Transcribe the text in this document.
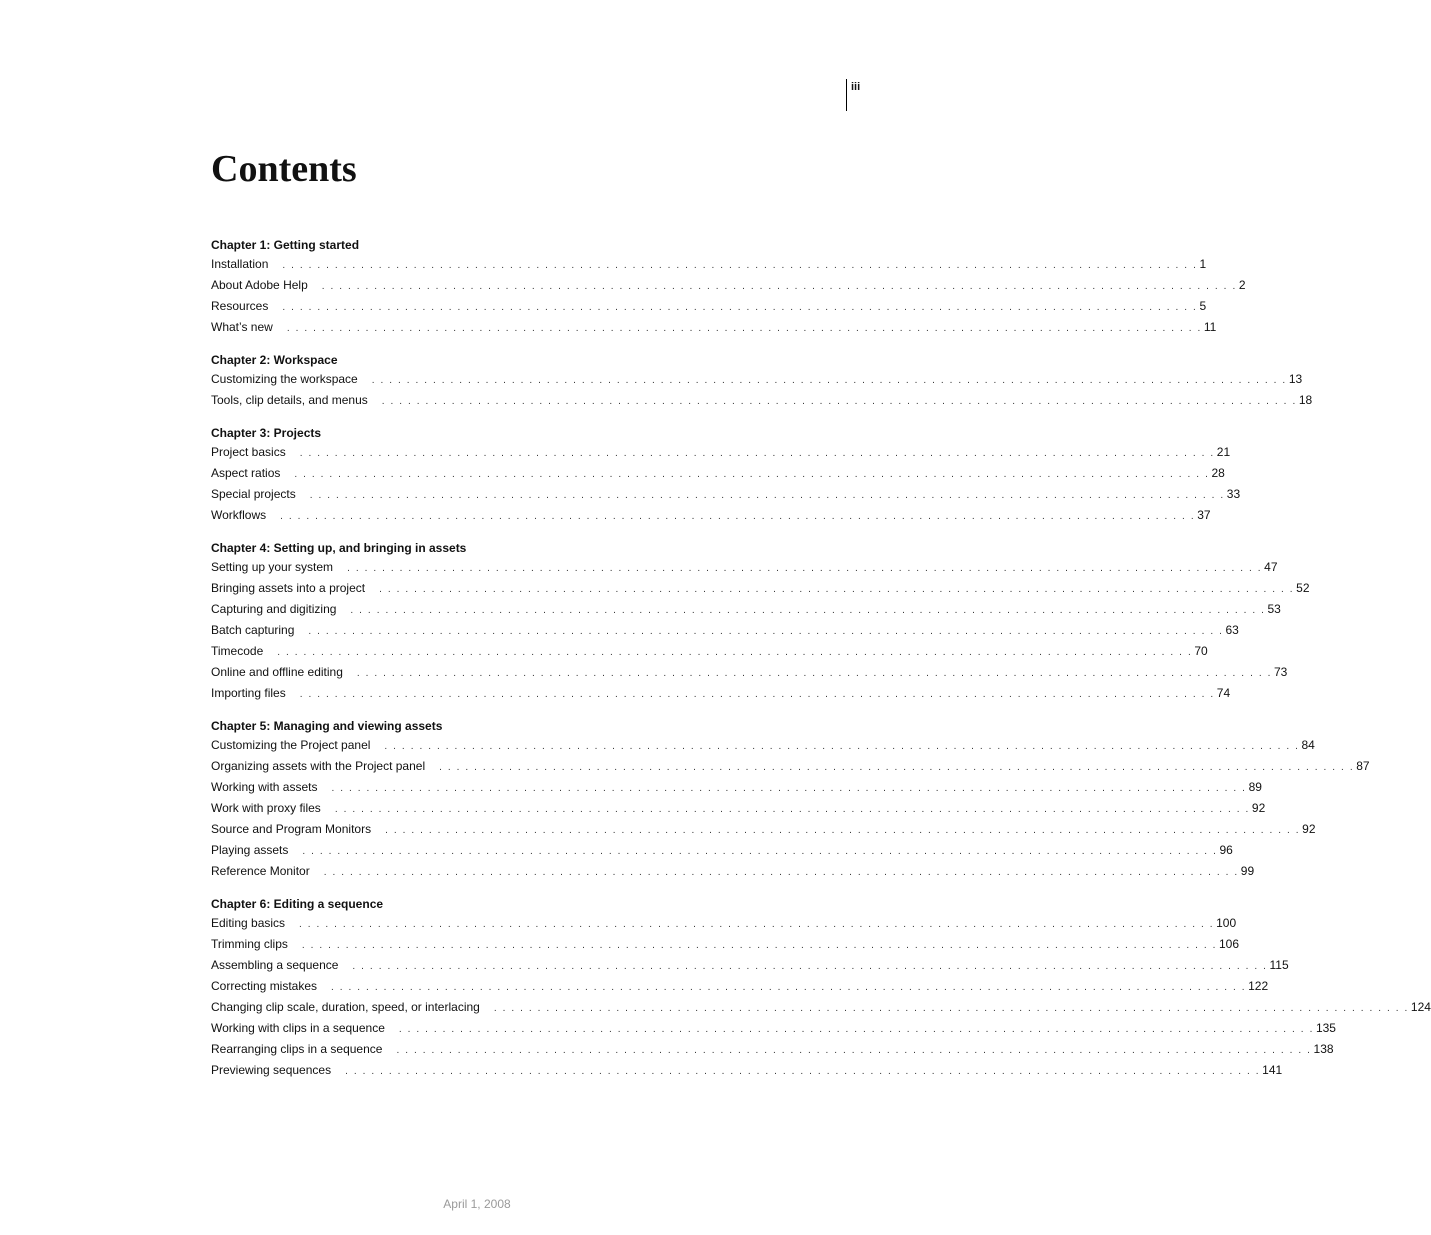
iii
Contents
Chapter 1: Getting started
Installation	. . . . . . . . . . . . . . . . . . . . . . . . . . . . . . . . . . . . . . . . . . . . . . . . . . . . . . . . . . . . . . . . . . . . . . . . . . . . . . . . . . . . . . . . . . . . . . . . . . . . . . . . . 1
About Adobe Help	. . . . . . . . . . . . . . . . . . . . . . . . . . . . . . . . . . . . . . . . . . . . . . . . . . . . . . . . . . . . . . . . . . . . . . . . . . . . . . . . . . . . . . . . . . . . . . . . . . . . . . . . . 2
Resources	. . . . . . . . . . . . . . . . . . . . . . . . . . . . . . . . . . . . . . . . . . . . . . . . . . . . . . . . . . . . . . . . . . . . . . . . . . . . . . . . . . . . . . . . . . . . . . . . . . . . . . . . . 5
What’s new	. . . . . . . . . . . . . . . . . . . . . . . . . . . . . . . . . . . . . . . . . . . . . . . . . . . . . . . . . . . . . . . . . . . . . . . . . . . . . . . . . . . . . . . . . . . . . . . . . . . . . . . . . 11
Chapter 2: Workspace
Customizing the workspace	. . . . . . . . . . . . . . . . . . . . . . . . . . . . . . . . . . . . . . . . . . . . . . . . . . . . . . . . . . . . . . . . . . . . . . . . . . . . . . . . . . . . . . . . . . . . . . . . . . . . . . . . . 13
Tools, clip details, and menus	. . . . . . . . . . . . . . . . . . . . . . . . . . . . . . . . . . . . . . . . . . . . . . . . . . . . . . . . . . . . . . . . . . . . . . . . . . . . . . . . . . . . . . . . . . . . . . . . . . . . . . . . . 18
Chapter 3: Projects
Project basics	. . . . . . . . . . . . . . . . . . . . . . . . . . . . . . . . . . . . . . . . . . . . . . . . . . . . . . . . . . . . . . . . . . . . . . . . . . . . . . . . . . . . . . . . . . . . . . . . . . . . . . . . . 21
Aspect ratios	. . . . . . . . . . . . . . . . . . . . . . . . . . . . . . . . . . . . . . . . . . . . . . . . . . . . . . . . . . . . . . . . . . . . . . . . . . . . . . . . . . . . . . . . . . . . . . . . . . . . . . . . . 28
Special projects	. . . . . . . . . . . . . . . . . . . . . . . . . . . . . . . . . . . . . . . . . . . . . . . . . . . . . . . . . . . . . . . . . . . . . . . . . . . . . . . . . . . . . . . . . . . . . . . . . . . . . . . . . 33
Workflows	. . . . . . . . . . . . . . . . . . . . . . . . . . . . . . . . . . . . . . . . . . . . . . . . . . . . . . . . . . . . . . . . . . . . . . . . . . . . . . . . . . . . . . . . . . . . . . . . . . . . . . . . . 37
Chapter 4: Setting up, and bringing in assets
Setting up your system	. . . . . . . . . . . . . . . . . . . . . . . . . . . . . . . . . . . . . . . . . . . . . . . . . . . . . . . . . . . . . . . . . . . . . . . . . . . . . . . . . . . . . . . . . . . . . . . . . . . . . . . . . 47
Bringing assets into a project	. . . . . . . . . . . . . . . . . . . . . . . . . . . . . . . . . . . . . . . . . . . . . . . . . . . . . . . . . . . . . . . . . . . . . . . . . . . . . . . . . . . . . . . . . . . . . . . . . . . . . . . . . 52
Capturing and digitizing	. . . . . . . . . . . . . . . . . . . . . . . . . . . . . . . . . . . . . . . . . . . . . . . . . . . . . . . . . . . . . . . . . . . . . . . . . . . . . . . . . . . . . . . . . . . . . . . . . . . . . . . . . 53
Batch capturing	. . . . . . . . . . . . . . . . . . . . . . . . . . . . . . . . . . . . . . . . . . . . . . . . . . . . . . . . . . . . . . . . . . . . . . . . . . . . . . . . . . . . . . . . . . . . . . . . . . . . . . . . . 63
Timecode	. . . . . . . . . . . . . . . . . . . . . . . . . . . . . . . . . . . . . . . . . . . . . . . . . . . . . . . . . . . . . . . . . . . . . . . . . . . . . . . . . . . . . . . . . . . . . . . . . . . . . . . . . 70
Online and offline editing	. . . . . . . . . . . . . . . . . . . . . . . . . . . . . . . . . . . . . . . . . . . . . . . . . . . . . . . . . . . . . . . . . . . . . . . . . . . . . . . . . . . . . . . . . . . . . . . . . . . . . . . . . 73
Importing files	. . . . . . . . . . . . . . . . . . . . . . . . . . . . . . . . . . . . . . . . . . . . . . . . . . . . . . . . . . . . . . . . . . . . . . . . . . . . . . . . . . . . . . . . . . . . . . . . . . . . . . . . . 74
Chapter 5: Managing and viewing assets
Customizing the Project panel	. . . . . . . . . . . . . . . . . . . . . . . . . . . . . . . . . . . . . . . . . . . . . . . . . . . . . . . . . . . . . . . . . . . . . . . . . . . . . . . . . . . . . . . . . . . . . . . . . . . . . . . . . 84
Organizing assets with the Project panel	. . . . . . . . . . . . . . . . . . . . . . . . . . . . . . . . . . . . . . . . . . . . . . . . . . . . . . . . . . . . . . . . . . . . . . . . . . . . . . . . . . . . . . . . . . . . . . . . . . . . . . . . . 87
Working with assets	. . . . . . . . . . . . . . . . . . . . . . . . . . . . . . . . . . . . . . . . . . . . . . . . . . . . . . . . . . . . . . . . . . . . . . . . . . . . . . . . . . . . . . . . . . . . . . . . . . . . . . . . . 89
Work with proxy files	. . . . . . . . . . . . . . . . . . . . . . . . . . . . . . . . . . . . . . . . . . . . . . . . . . . . . . . . . . . . . . . . . . . . . . . . . . . . . . . . . . . . . . . . . . . . . . . . . . . . . . . . . 92
Source and Program Monitors	. . . . . . . . . . . . . . . . . . . . . . . . . . . . . . . . . . . . . . . . . . . . . . . . . . . . . . . . . . . . . . . . . . . . . . . . . . . . . . . . . . . . . . . . . . . . . . . . . . . . . . . . . 92
Playing assets	. . . . . . . . . . . . . . . . . . . . . . . . . . . . . . . . . . . . . . . . . . . . . . . . . . . . . . . . . . . . . . . . . . . . . . . . . . . . . . . . . . . . . . . . . . . . . . . . . . . . . . . . . 96
Reference Monitor	. . . . . . . . . . . . . . . . . . . . . . . . . . . . . . . . . . . . . . . . . . . . . . . . . . . . . . . . . . . . . . . . . . . . . . . . . . . . . . . . . . . . . . . . . . . . . . . . . . . . . . . . . 99
Chapter 6: Editing a sequence
Editing basics	. . . . . . . . . . . . . . . . . . . . . . . . . . . . . . . . . . . . . . . . . . . . . . . . . . . . . . . . . . . . . . . . . . . . . . . . . . . . . . . . . . . . . . . . . . . . . . . . . . . . . . . . . 100
Trimming clips	. . . . . . . . . . . . . . . . . . . . . . . . . . . . . . . . . . . . . . . . . . . . . . . . . . . . . . . . . . . . . . . . . . . . . . . . . . . . . . . . . . . . . . . . . . . . . . . . . . . . . . . . . 106
Assembling a sequence	. . . . . . . . . . . . . . . . . . . . . . . . . . . . . . . . . . . . . . . . . . . . . . . . . . . . . . . . . . . . . . . . . . . . . . . . . . . . . . . . . . . . . . . . . . . . . . . . . . . . . . . . . 115
Correcting mistakes	. . . . . . . . . . . . . . . . . . . . . . . . . . . . . . . . . . . . . . . . . . . . . . . . . . . . . . . . . . . . . . . . . . . . . . . . . . . . . . . . . . . . . . . . . . . . . . . . . . . . . . . . . 122
Changing clip scale, duration, speed, or interlacing	. . . . . . . . . . . . . . . . . . . . . . . . . . . . . . . . . . . . . . . . . . . . . . . . . . . . . . . . . . . . . . . . . . . . . . . . . . . . . . . . . . . . . . . . . . . . . . . . . . . . . . . . . 124
Working with clips in a sequence	. . . . . . . . . . . . . . . . . . . . . . . . . . . . . . . . . . . . . . . . . . . . . . . . . . . . . . . . . . . . . . . . . . . . . . . . . . . . . . . . . . . . . . . . . . . . . . . . . . . . . . . . . 135
Rearranging clips in a sequence	. . . . . . . . . . . . . . . . . . . . . . . . . . . . . . . . . . . . . . . . . . . . . . . . . . . . . . . . . . . . . . . . . . . . . . . . . . . . . . . . . . . . . . . . . . . . . . . . . . . . . . . . . 138
Previewing sequences	. . . . . . . . . . . . . . . . . . . . . . . . . . . . . . . . . . . . . . . . . . . . . . . . . . . . . . . . . . . . . . . . . . . . . . . . . . . . . . . . . . . . . . . . . . . . . . . . . . . . . . . . . 141
April 1, 2008
